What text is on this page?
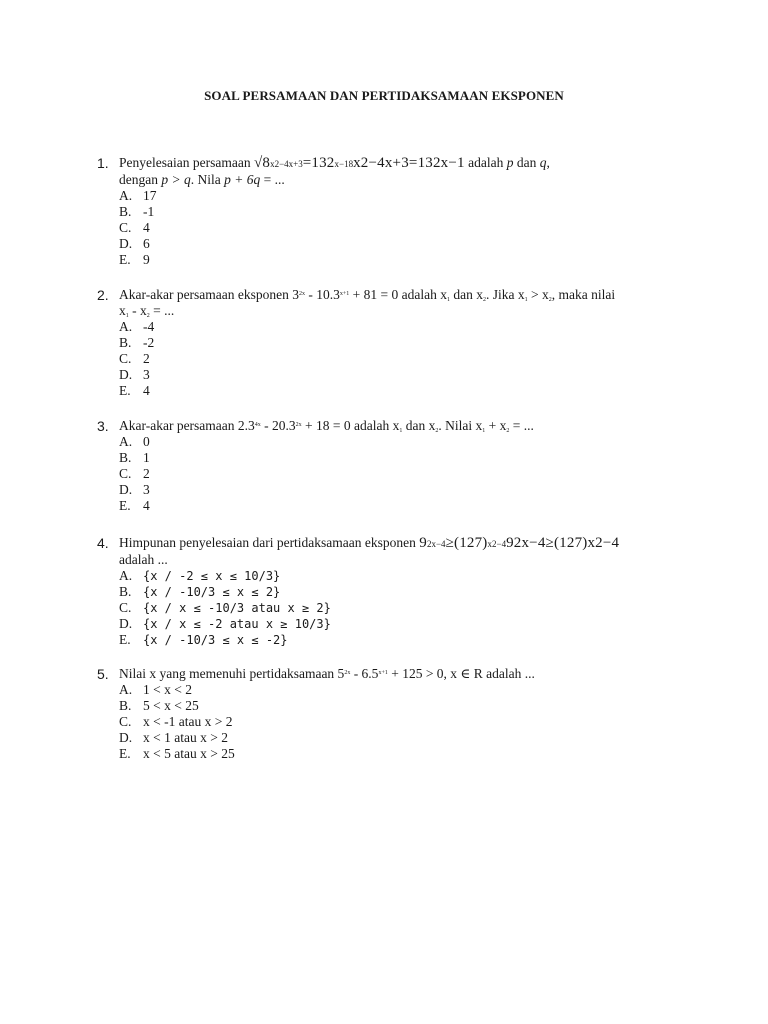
SOAL PERSAMAAN DAN PERTIDAKSAMAAN EKSPONEN
1. Penyelesaian persamaan √8x2−4x+3=132x−18x2−4x+3=132x−1 adalah p dan q,
dengan p > q. Nila p + 6q = ...
A. 17
B. -1
C. 4
D. 6
E. 9
2. Akar-akar persamaan eksponen $3^{2x} - 10.3^{x+1} + 81 = 0$ adalah $x_1$ dan $x_2$. Jika $x_1 > x_2$, maka nilai
$x_1 - x_2$ = ...
A. -4
B. -2
C. 2
D. 3
E. 4
3. Akar-akar persamaan $2.3^{4x} - 20.3^{2x} + 18 = 0$ adalah $x_1$ dan $x_2$. Nilai $x_1 + x_2$ = ...
A. 0
B. 1
C. 2
D. 3
E. 4
4. Himpunan penyelesaian dari pertidaksamaan eksponen 92x−4≥(127)x2−492x−4≥(127)x2−4
adalah ...
A. {x / -2 ≤ x ≤ 10/3}
B. {x / -10/3 ≤ x ≤ 2}
C. {x / x ≤ -10/3 atau x ≥ 2}
D. {x / x ≤ -2 atau x ≥ 10/3}
E. {x / -10/3 ≤ x ≤ -2}
5. Nilai x yang memenuhi pertidaksamaan $5^{2x} - 6.5^{x+1} + 125 > 0$, x ∈ R adalah ...
A. 1 < x < 2
B. 5 < x < 25
C. x < -1 atau x > 2
D. x < 1 atau x > 2
E. x < 5 atau x > 25
